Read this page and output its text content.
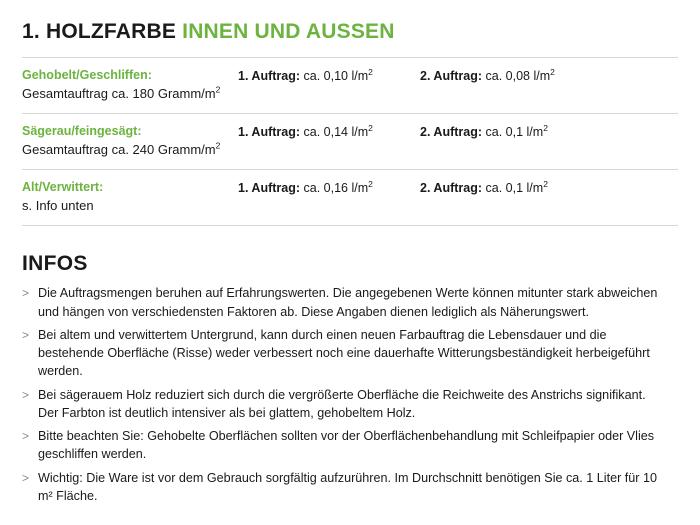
1. HOLZFARBE INNEN UND AUSSEN
Gehobelt/Geschliffen:
Gesamtauftrag ca. 180 Gramm/$m^2$
1. Auftrag: ca. 0,10 $l/m^2$	2. Auftrag: ca. 0,08 $l/m^2$
Sägerau/feingesägt:
Gesamtauftrag ca. 240 Gramm/$m^2$
1. Auftrag: ca. 0,14 $l/m^2$	2. Auftrag: ca. 0,1 $l/m^2$
Alt/Verwittert:
s. Info unten
1. Auftrag: ca. 0,16 $l/m^2$	2. Auftrag: ca. 0,1 $l/m^2$
INFOS
> Die Auftragsmengen beruhen auf Erfahrungswerten. Die angegebenen Werte können mitunter stark abweichen und hängen von verschiedensten Faktoren ab. Diese Angaben dienen lediglich als Näherungswert.
> Bei altem und verwittertem Untergrund, kann durch einen neuen Farbauftrag die Lebensdauer und die bestehende Oberfläche (Risse) weder verbessert noch eine dauerhafte Witterungsbeständigkeit herbeigeführt werden.
> Bei sägerauem Holz reduziert sich durch die vergrößerte Oberfläche die Reichweite des Anstrichs signifikant. Der Farbton ist deutlich intensiver als bei glattem, gehobeltem Holz.
> Bitte beachten Sie: Gehobelte Oberflächen sollten vor der Oberflächenbehandlung mit Schleifpapier oder Vlies geschliffen werden.
> Wichtig: Die Ware ist vor dem Gebrauch sorgfältig aufzurühren. Im Durchschnitt benötigen Sie ca. 1 Liter für 10 m² Fläche.
